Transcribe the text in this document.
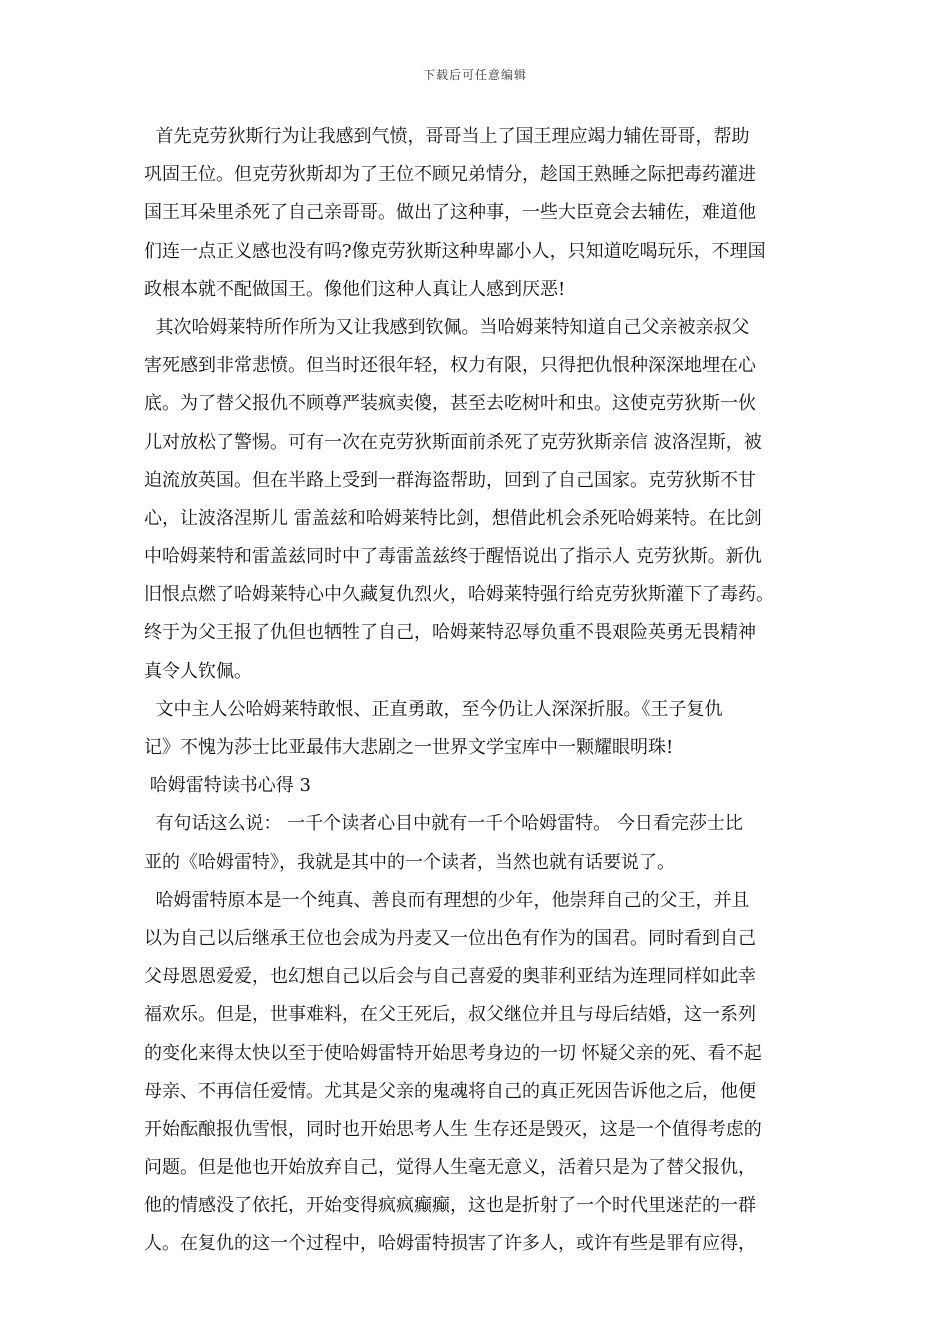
下载后可任意编辑
首先克劳狄斯行为让我感到气愤，哥哥当上了国王理应竭力辅佐哥哥，帮助
巩固王位。但克劳狄斯却为了王位不顾兄弟情分，趁国王熟睡之际把毒药灌进
国王耳朵里杀死了自己亲哥哥。做出了这种事，一些大臣竟会去辅佐，难道他
们连一点正义感也没有吗?像克劳狄斯这种卑鄙小人，只知道吃喝玩乐，不理国
政根本就不配做国王。像他们这种人真让人感到厌恶!
其次哈姆莱特所作所为又让我感到钦佩。当哈姆莱特知道自己父亲被亲叔父
害死感到非常悲愤。但当时还很年轻，权力有限，只得把仇恨种深深地埋在心
底。为了替父报仇不顾尊严装疯卖傻，甚至去吃树叶和虫。这使克劳狄斯一伙
儿对放松了警惕。可有一次在克劳狄斯面前杀死了克劳狄斯亲信 波洛涅斯，被
迫流放英国。但在半路上受到一群海盗帮助，回到了自己国家。克劳狄斯不甘
心，让波洛涅斯儿 雷盖兹和哈姆莱特比剑，想借此机会杀死哈姆莱特。在比剑
中哈姆莱特和雷盖兹同时中了毒雷盖兹终于醒悟说出了指示人 克劳狄斯。新仇
旧恨点燃了哈姆莱特心中久藏复仇烈火，哈姆莱特强行给克劳狄斯灌下了毒药。
终于为父王报了仇但也牺牲了自己，哈姆莱特忍辱负重不畏艰险英勇无畏精神
真令人钦佩。
文中主人公哈姆莱特敢恨、正直勇敢，至今仍让人深深折服。《王子复仇
记》不愧为莎士比亚最伟大悲剧之一世界文学宝库中一颗耀眼明珠!
哈姆雷特读书心得 3
有句话这么说： 一千个读者心目中就有一千个哈姆雷特。 今日看完莎士比
亚的《哈姆雷特》，我就是其中的一个读者，当然也就有话要说了。
哈姆雷特原本是一个纯真、善良而有理想的少年，他崇拜自己的父王，并且
以为自己以后继承王位也会成为丹麦又一位出色有作为的国君。同时看到自己
父母恩恩爱爱，也幻想自己以后会与自己喜爱的奥菲利亚结为连理同样如此幸
福欢乐。但是，世事难料，在父王死后，叔父继位并且与母后结婚，这一系列
的变化来得太快以至于使哈姆雷特开始思考身边的一切 怀疑父亲的死、看不起
母亲、不再信任爱情。尤其是父亲的鬼魂将自己的真正死因告诉他之后，他便
开始酝酿报仇雪恨，同时也开始思考人生 生存还是毁灭，这是一个值得考虑的
问题。但是他也开始放弃自己，觉得人生毫无意义，活着只是为了替父报仇，
他的情感没了依托，开始变得疯疯癫癫，这也是折射了一个时代里迷茫的一群
人。在复仇的这一个过程中，哈姆雷特损害了许多人，或许有些是罪有应得，
